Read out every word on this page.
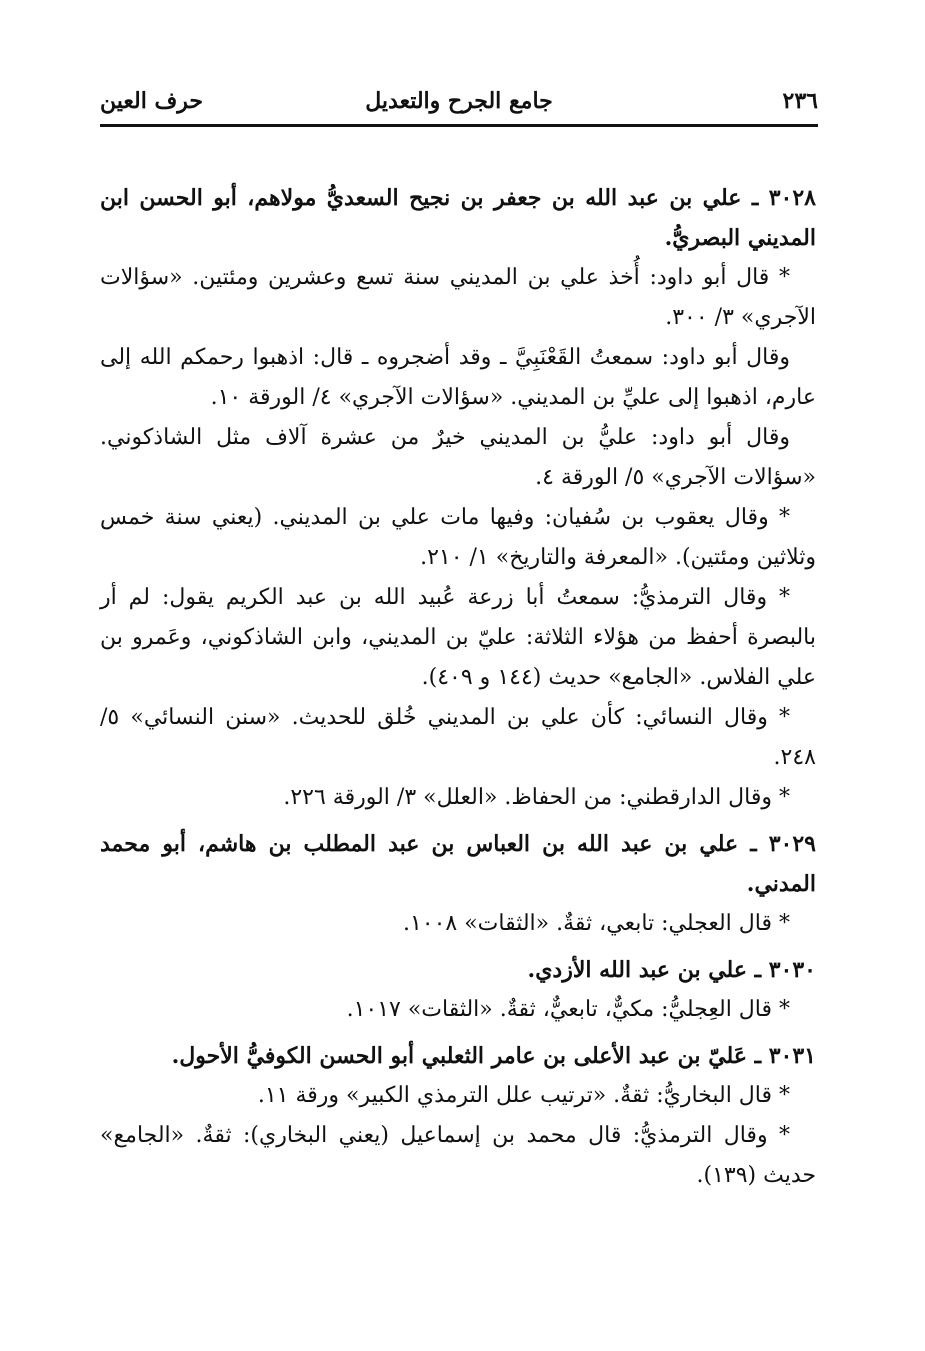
٢٣٦
جامع الجرح والتعديل
حرف العين

٣٠٢٨ ـ علي بن عبد الله بن جعفر بن نجيح السعديُّ مولاهم، أبو الحسن ابن المديني البصريُّ.

* قال أبو داود: أُخذ علي بن المديني سنة تسع وعشرين ومئتين. «سؤالات الآجري» ٣/ ٣٠٠.

وقال أبو داود: سمعتُ القَعْنَبِيَّ ـ وقد أضجروه ـ قال: اذهبوا رحمكم الله إلى عارم، اذهبوا إلى عليِّ بن المديني. «سؤالات الآجري» ٤/ الورقة ١٠.

وقال أبو داود: عليُّ بن المديني خيرٌ من عشرة آلاف مثل الشاذكوني. «سؤالات الآجري» ٥/ الورقة ٤.

* وقال يعقوب بن سُفيان: وفيها مات علي بن المديني. (يعني سنة خمس وثلاثين ومئتين). «المعرفة والتاريخ» ١/ ٢١٠.

* وقال الترمذيُّ: سمعتُ أبا زرعة عُبيد الله بن عبد الكريم يقول: لم أر بالبصرة أحفظ من هؤلاء الثلاثة: عليّ بن المديني، وابن الشاذكوني، وعَمرو بن علي الفلاس. «الجامع» حديث (١٤٤ و ٤٠٩).

* وقال النسائي: كأن علي بن المديني خُلق للحديث. «سنن النسائي» ٥/ ٢٤٨.

* وقال الدارقطني: من الحفاظ. «العلل» ٣/ الورقة ٢٢٦.

٣٠٢٩ ـ علي بن عبد الله بن العباس بن عبد المطلب بن هاشم، أبو محمد المدني.

* قال العجلي: تابعي، ثقةٌ. «الثقات» ١٠٠٨.

٣٠٣٠ ـ علي بن عبد الله الأزدي.

* قال العِجليُّ: مكيٌّ، تابعيٌّ، ثقةٌ. «الثقات» ١٠١٧.

٣٠٣١ ـ عَليّ بن عبد الأعلى بن عامر الثعلبي أبو الحسن الكوفيُّ الأحول.

* قال البخاريُّ: ثقةٌ. «ترتيب علل الترمذي الكبير» ورقة ١١.

* وقال الترمذيُّ: قال محمد بن إسماعيل (يعني البخاري): ثقةٌ. «الجامع» حديث (١٣٩).
